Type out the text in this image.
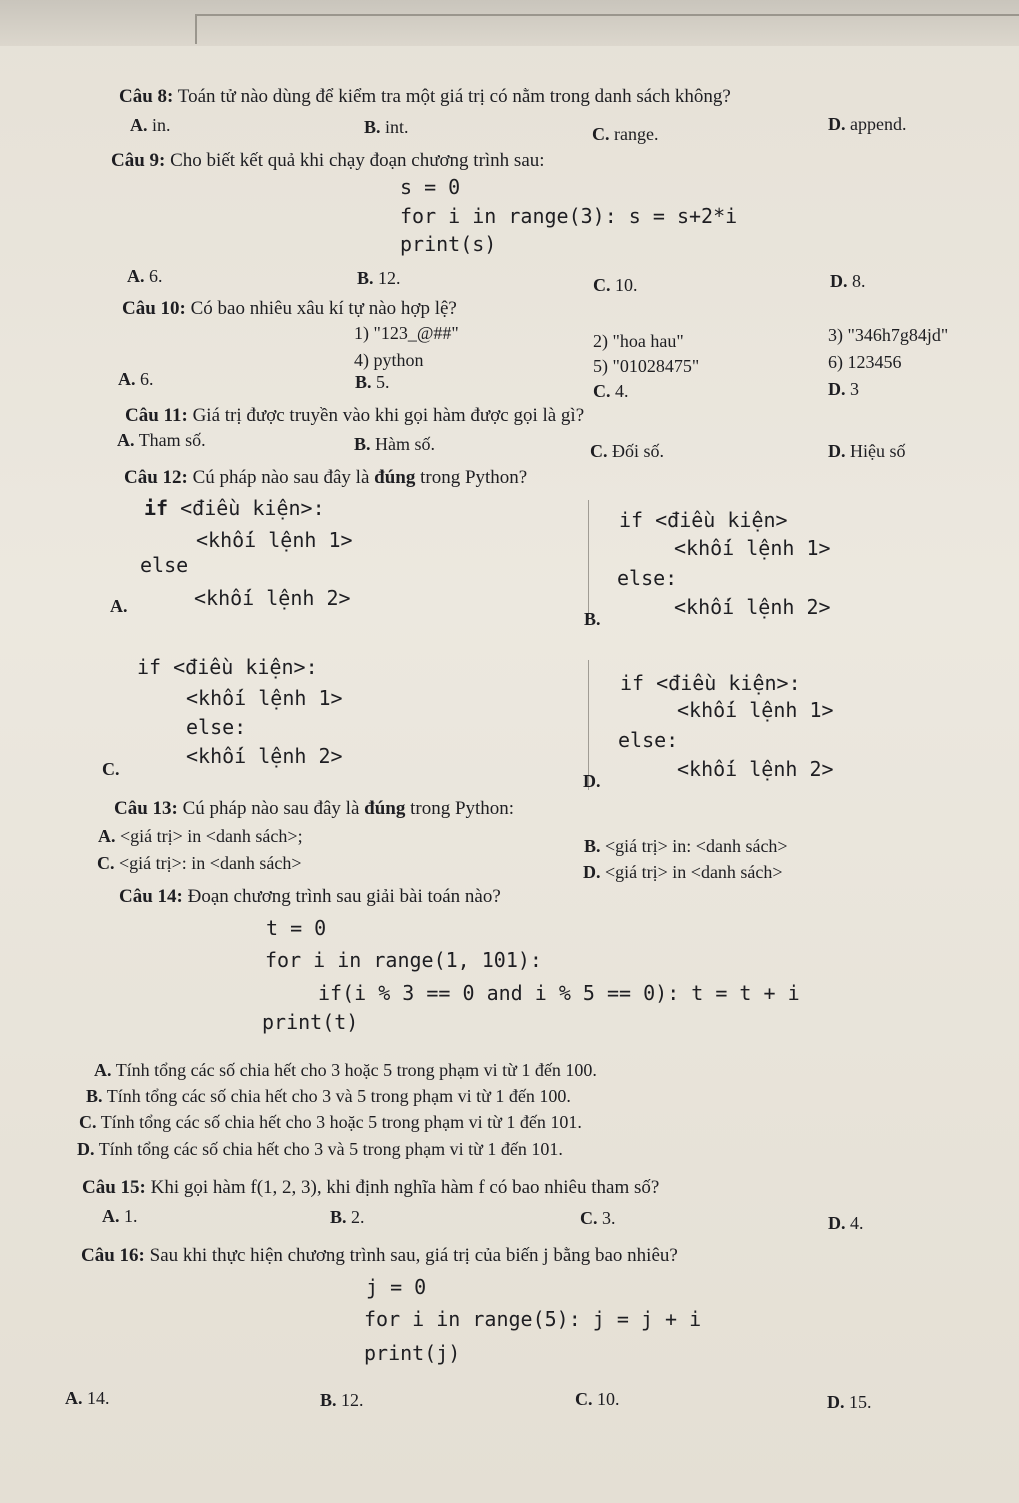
Câu 8: Toán tử nào dùng để kiểm tra một giá trị có nằm trong danh sách không?
A. in.	B. int.	C. range.	D. append.
Câu 9: Cho biết kết quả khi chạy đoạn chương trình sau:
s = 0
for i in range(3): s = s+2*i
print(s)
A. 6.	B. 12.	C. 10.	D. 8.
Câu 10: Có bao nhiêu xâu kí tự nào hợp lệ?
1) "123_@##"	2) "hoa hau"	3) "346h7g84jd"
4) python	5) "01028475"	6) 123456
A. 6.	B. 5.	C. 4.	D. 3
Câu 11: Giá trị được truyền vào khi gọi hàm được gọi là gì?
A. Tham số.	B. Hàm số.	C. Đối số.	D. Hiệu số
Câu 12: Cú pháp nào sau đây là đúng trong Python?
if <điều kiện>:
<khối lệnh 1>
else
A.	<khối lệnh 2>
if <điều kiện>
<khối lệnh 1>
else:
<khối lệnh 2>
B.
if <điều kiện>:
<khối lệnh 1>
else:
<khối lệnh 2>
C.
if <điều kiện>:
<khối lệnh 1>
else:
<khối lệnh 2>
D.
Câu 13: Cú pháp nào sau đây là đúng trong Python:
A. <giá trị> in <danh sách>;	B. <giá trị> in: <danh sách>
C. <giá trị>: in <danh sách>	D. <giá trị> in <danh sách>
Câu 14: Đoạn chương trình sau giải bài toán nào?
t = 0
for i in range(1, 101):
if(i % 3 == 0 and i % 5 == 0): t = t + i
print(t)
A. Tính tổng các số chia hết cho 3 hoặc 5 trong phạm vi từ 1 đến 100.
B. Tính tổng các số chia hết cho 3 và 5 trong phạm vi từ 1 đến 100.
C. Tính tổng các số chia hết cho 3 hoặc 5 trong phạm vi từ 1 đến 101.
D. Tính tổng các số chia hết cho 3 và 5 trong phạm vi từ 1 đến 101.
Câu 15: Khi gọi hàm f(1, 2, 3), khi định nghĩa hàm f có bao nhiêu tham số?
A. 1.	B. 2.	C. 3.	D. 4.
Câu 16: Sau khi thực hiện chương trình sau, giá trị của biến j bằng bao nhiêu?
j = 0
for i in range(5): j = j + i
print(j)
A. 14.	B. 12.	C. 10.	D. 15.
